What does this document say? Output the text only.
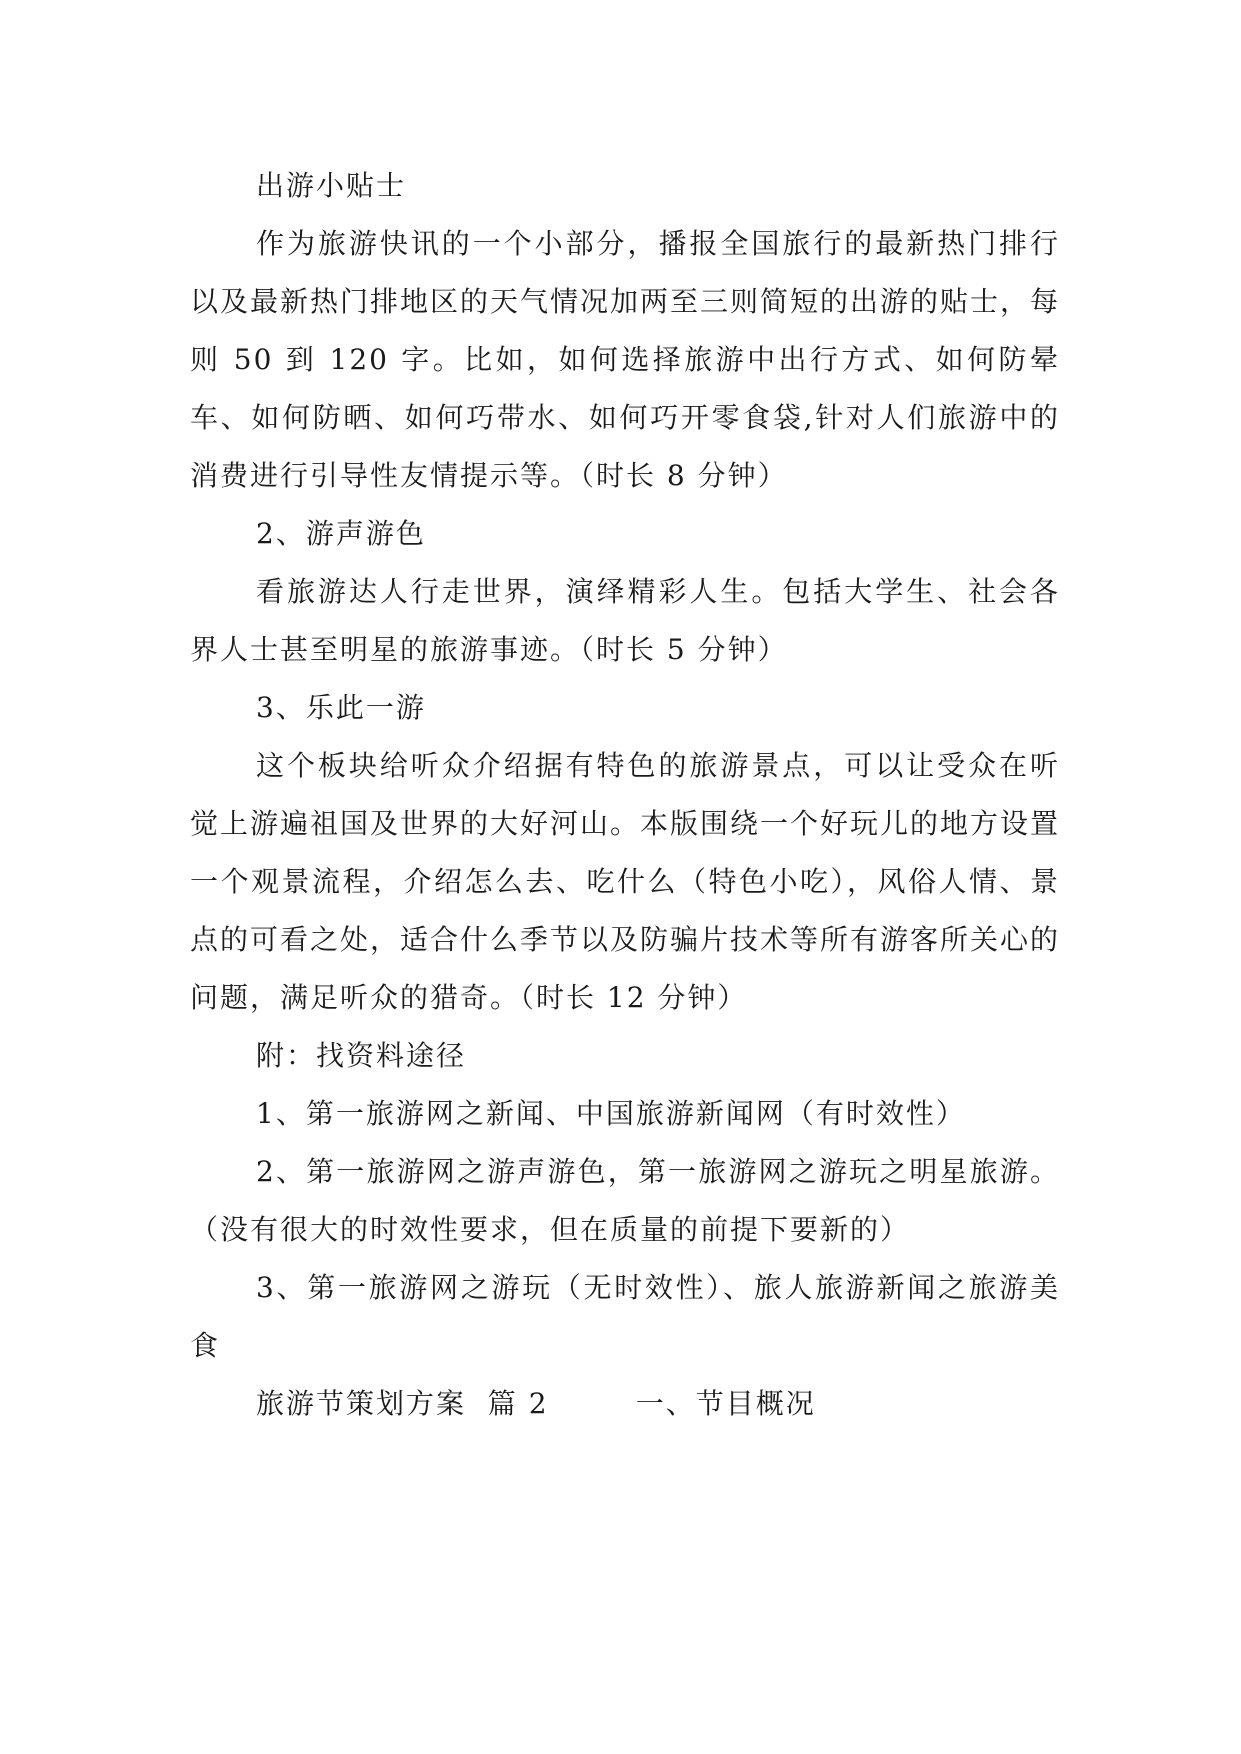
出游小贴士

作为旅游快讯的一个小部分，播报全国旅行的最新热门排行以及最新热门排地区的天气情况加两至三则简短的出游的贴士，每则 50 到 120 字。比如，如何选择旅游中出行方式、如何防晕车、如何防晒、如何巧带水、如何巧开零食袋,针对人们旅游中的消费进行引导性友情提示等。（时长 8 分钟）

2、游声游色

看旅游达人行走世界，演绎精彩人生。包括大学生、社会各界人士甚至明星的旅游事迹。（时长 5 分钟）

3、乐此一游

这个板块给听众介绍据有特色的旅游景点，可以让受众在听觉上游遍祖国及世界的大好河山。本版围绕一个好玩儿的地方设置一个观景流程，介绍怎么去、吃什么（特色小吃），风俗人情、景点的可看之处，适合什么季节以及防骗片技术等所有游客所关心的问题，满足听众的猎奇。（时长 12 分钟）

附：找资料途径

1、第一旅游网之新闻、中国旅游新闻网（有时效性）

2、第一旅游网之游声游色，第一旅游网之游玩之明星旅游。（没有很大的时效性要求，但在质量的前提下要新的）

3、第一旅游网之游玩（无时效性）、旅人旅游新闻之旅游美食

旅游节策划方案  篇 2        一、节目概况
